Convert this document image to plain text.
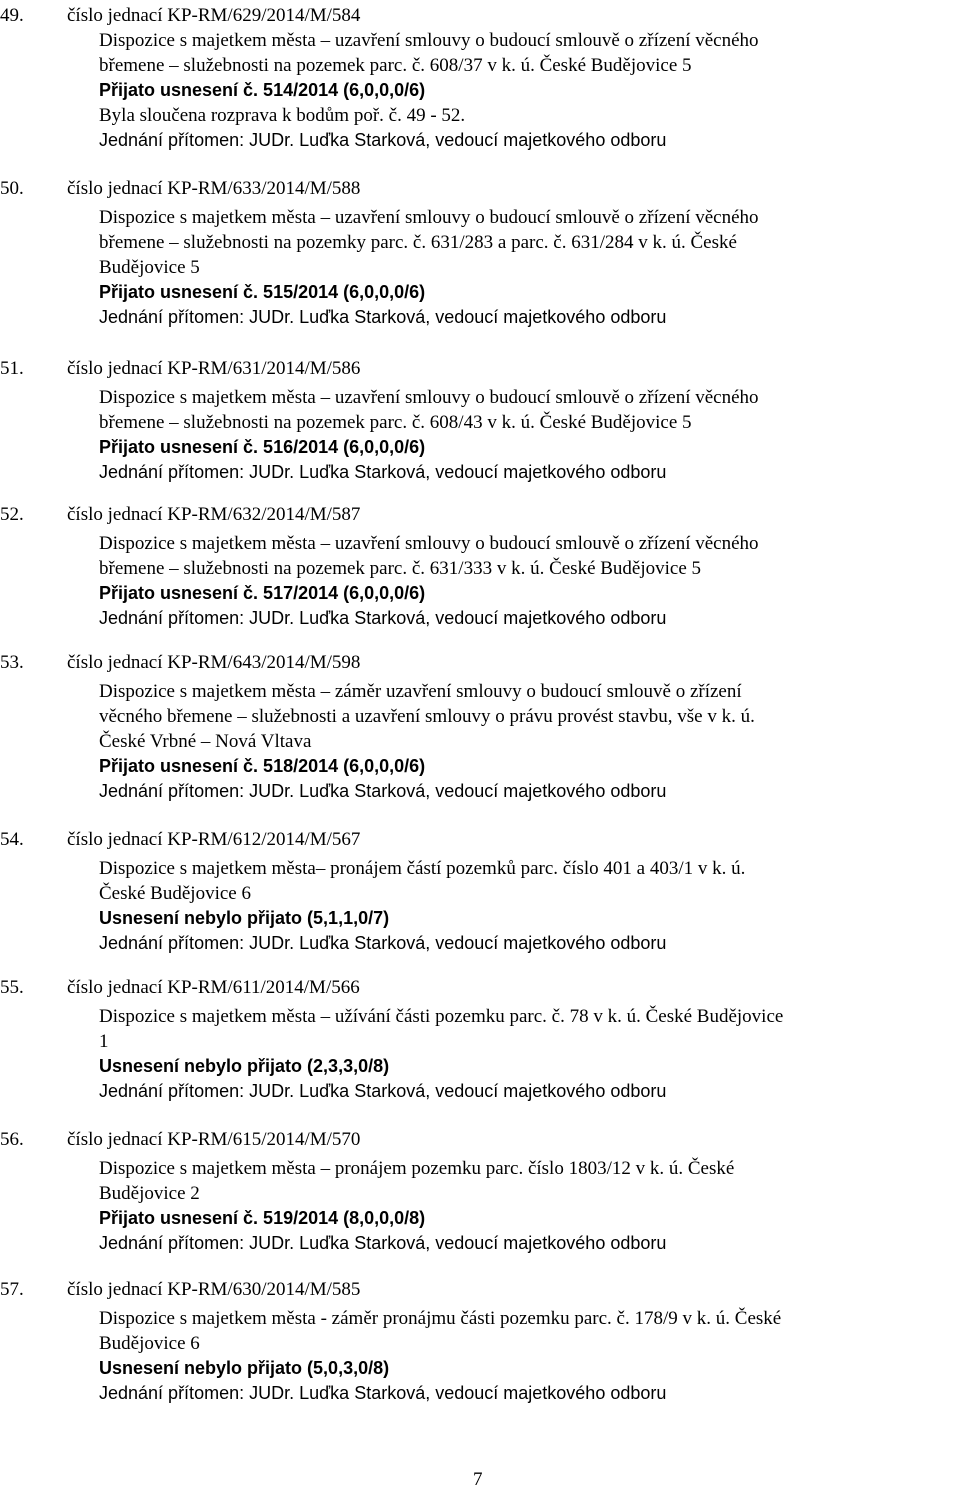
49.	číslo jednací KP-RM/629/2014/M/584
Dispozice s majetkem města – uzavření smlouvy o budoucí smlouvě o zřízení věcného
břemene – služebnosti na pozemek parc. č. 608/37 v k. ú. České Budějovice 5
Přijato usnesení č. 514/2014 (6,0,0,0/6)
Byla sloučena rozprava k bodům poř. č. 49 - 52.
Jednání přítomen: JUDr. Luďka Starková, vedoucí majetkového odboru
50.	číslo jednací KP-RM/633/2014/M/588
Dispozice s majetkem města – uzavření smlouvy o budoucí smlouvě o zřízení věcného
břemene – služebnosti na pozemky parc. č. 631/283 a parc. č. 631/284 v k. ú. České
Budějovice 5
Přijato usnesení č. 515/2014 (6,0,0,0/6)
Jednání přítomen: JUDr. Luďka Starková, vedoucí majetkového odboru
51.	číslo jednací KP-RM/631/2014/M/586
Dispozice s majetkem města – uzavření smlouvy o budoucí smlouvě o zřízení věcného
břemene – služebnosti na pozemek parc. č. 608/43 v k. ú. České Budějovice 5
Přijato usnesení č. 516/2014 (6,0,0,0/6)
Jednání přítomen: JUDr. Luďka Starková, vedoucí majetkového odboru
52.	číslo jednací KP-RM/632/2014/M/587
Dispozice s majetkem města – uzavření smlouvy o budoucí smlouvě o zřízení věcného
břemene – služebnosti na pozemek parc. č. 631/333 v k. ú. České Budějovice 5
Přijato usnesení č. 517/2014 (6,0,0,0/6)
Jednání přítomen: JUDr. Luďka Starková, vedoucí majetkového odboru
53.	číslo jednací KP-RM/643/2014/M/598
Dispozice s majetkem města – záměr uzavření smlouvy o budoucí smlouvě o zřízení
věcného břemene – služebnosti a uzavření smlouvy o právu provést stavbu, vše v k. ú.
České Vrbné – Nová Vltava
Přijato usnesení č. 518/2014 (6,0,0,0/6)
Jednání přítomen: JUDr. Luďka Starková, vedoucí majetkového odboru
54.	číslo jednací KP-RM/612/2014/M/567
Dispozice s majetkem města– pronájem částí pozemků parc. číslo 401 a 403/1 v k. ú.
České Budějovice 6
Usnesení nebylo přijato (5,1,1,0/7)
Jednání přítomen: JUDr. Luďka Starková, vedoucí majetkového odboru
55.	číslo jednací KP-RM/611/2014/M/566
Dispozice s majetkem města – užívání části pozemku parc. č. 78 v k. ú. České Budějovice
1
Usnesení nebylo přijato (2,3,3,0/8)
Jednání přítomen: JUDr. Luďka Starková, vedoucí majetkového odboru
56.	číslo jednací KP-RM/615/2014/M/570
Dispozice s majetkem města – pronájem pozemku parc. číslo 1803/12 v k. ú. České
Budějovice 2
Přijato usnesení č. 519/2014 (8,0,0,0/8)
Jednání přítomen: JUDr. Luďka Starková, vedoucí majetkového odboru
57.	číslo jednací KP-RM/630/2014/M/585
Dispozice s majetkem města - záměr pronájmu části pozemku parc. č. 178/9 v k. ú. České
Budějovice 6
Usnesení nebylo přijato (5,0,3,0/8)
Jednání přítomen: JUDr. Luďka Starková, vedoucí majetkového odboru
7
